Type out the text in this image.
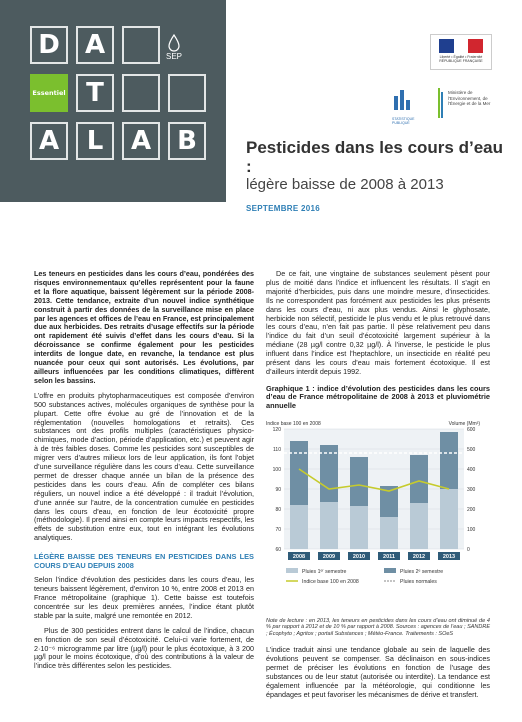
D A
Essentiel T
A	L	A	B
SEP	Liberté • Égalité • Fraternité RÉPUBLIQUE FRANÇAISE
STATISTIQUE PUBLIQUE
Ministère de l'Environnement, de l'Énergie et de la Mer
Pesticides dans les cours d’eau :
légère baisse de 2008 à 2013
SEPTEMBRE 2016

Les teneurs en pesticides dans les cours d’eau, pondérées des risques environnementaux qu’elles représentent pour la faune et la flore aquatique, baissent légèrement sur la période 2008-2013. Cette tendance, extraite d’un nouvel indice synthétique construit à partir des données de la surveillance mise en place par les agences et offices de l’eau en France, est principalement due aux herbicides. Des retraits d’usage effectifs sur la période ont rapidement été suivis d’effet dans les cours d’eau. Si la décroissance se confirme également pour les pesticides interdits de longue date, en revanche, la tendance est plus nuancée pour ceux qui sont autorisés. Les évolutions, par ailleurs influencées par les conditions climatiques, diffèrent selon les bassins.

L’offre en produits phytopharmaceutiques est composée d’environ 500 substances actives, molécules organiques de synthèse pour la plupart. Cette offre évolue au gré de l’innovation et de la réglementation (nouvelles homologations et retraits). Ces substances ont des profils multiples (caractéristiques physico-chimiques, mode d’action, période d’application, etc.) et peuvent agir à de très faibles doses. Comme les pesticides sont susceptibles de migrer vers d’autres milieux lors de leur application, ils font l’objet d’une surveillance régulière dans les cours d’eau. Cette surveillance permet de dresser chaque année un bilan de la présence des pesticides dans les cours d’eau. Afin de compléter ces bilans réguliers, un nouvel indice a été développé : il traduit l’évolution, d’une année sur l’autre, de la concentration cumulée en pesticides dans les cours d’eau, en fonction de leur écotoxicité propre (méthodologie). Il prend ainsi en compte leurs impacts respectifs, les effets de substitution entre eux, tout en intégrant les évolutions analytiques.

LÉGÈRE BAISSE DES TENEURS EN PESTICIDES DANS LES COURS D’EAU DEPUIS 2008

Selon l’indice d’évolution des pesticides dans les cours d’eau, les teneurs baissent légèrement, d’environ 10 %, entre 2008 et 2013 en France métropolitaine (graphique 1). Cette baisse est toutefois concentrée sur les deux premières années, l’indice étant plutôt stable par la suite, malgré une remontée en 2012.

Plus de 300 pesticides entrent dans le calcul de l’indice, chacun en fonction de son seuil d’écotoxicité. Celui-ci varie fortement, de 2·10⁻⁶ microgramme par litre (µg/l) pour le plus écotoxique, à 3 200 µg/l pour le moins écotoxique, d’où des contributions à la valeur de l’indice très différentes selon les pesticides.

De ce fait, une vingtaine de substances seulement pèsent pour plus de moitié dans l’indice et influencent les résultats. Il s’agit en majorité d’herbicides, puis dans une moindre mesure, d’insecticides. Ils ne correspondent pas forcément aux pesticides les plus présents dans les cours d’eau, ni aux plus vendus. Ainsi le glyphosate, herbicide non sélectif, pesticide le plus vendu et le plus retrouvé dans les cours d’eau, n’en fait pas partie. Il pèse relativement peu dans l’indice du fait d’un seuil d’écotoxicité largement supérieur à la médiane (28 µg/l contre 0,32 µg/l). À l’inverse, le pesticide le plus influent dans l’indice est l’heptachlore, un insecticide en réalité peu présent dans les cours d’eau mais fortement écotoxique. Il est d’ailleurs interdit depuis 1992.

Graphique 1 : indice d’évolution des pesticides dans les cours d’eau de France métropolitaine de 2008 à 2013 et pluviométrie annuelle
0
100
200
300
400
500
600
60
70
80
90
100
110
120
Indice base 100 en 2008	Volume (Mm³)
2008	2009	2010	2011	2012	2013
Pluies 1ᵉʳ semestre	Pluies 2ᵉ semestre
Indice base 100 en 2008	Pluies normales
Note de lecture : en 2013, les teneurs en pesticides dans les cours d’eau ont diminué de 4 % par rapport à 2012 et de 10 % par rapport à 2008. Sources : agences de l’eau ; SANDRE ; Écophyto ; Agritox ; portail Substances ; Météo-France. Traitements : SOeS

L’indice traduit ainsi une tendance globale au sein de laquelle des évolutions peuvent se compenser. Sa déclinaison en sous-indices permet de préciser les évolutions en fonction de l’usage des substances ou de leur statut (autorisée ou interdite). La tendance est également influencée par la météorologie, qui conditionne les épandages et peut favoriser les mécanismes de dérive et transfert.
